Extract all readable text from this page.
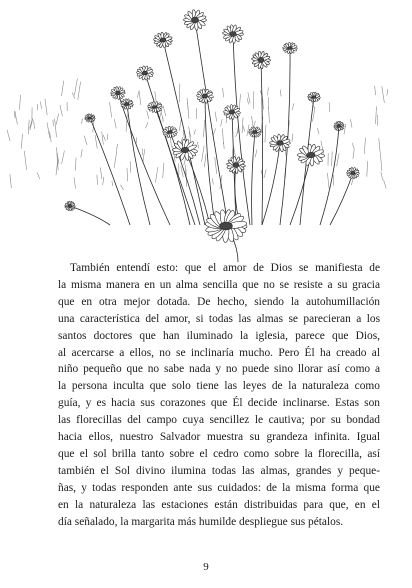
También entendí esto: que el amor de Dios se manifiesta de
la misma manera en un alma sencilla que no se resiste a su gracia
que en otra mejor dotada. De hecho, siendo la autohumillación
una característica del amor, si todas las almas se parecieran a los
santos doctores que han iluminado la iglesia, parece que Dios,
al acercarse a ellos, no se inclinaría mucho. Pero Él ha creado al
niño pequeño que no sabe nada y no puede sino llorar así como a
la persona inculta que solo tiene las leyes de la naturaleza como
guía, y es hacia sus corazones que Él decide inclinarse. Estas son
las florecillas del campo cuya sencillez le cautiva; por su bondad
hacia ellos, nuestro Salvador muestra su grandeza infinita. Igual
que el sol brilla tanto sobre el cedro como sobre la florecilla, así
también el Sol divino ilumina todas las almas, grandes y peque-
ñas, y todas responden ante sus cuidados: de la misma forma que
en la naturaleza las estaciones están distribuidas para que, en el
día señalado, la margarita más humilde despliegue sus pétalos.
9
